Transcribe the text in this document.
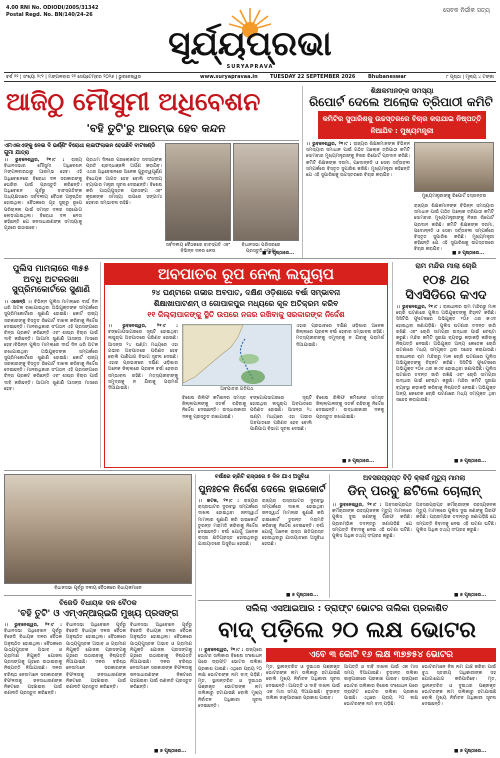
4.00 RNI No. ODIODI/2005/31342
Postal Regd. No. BN/140/24-26
ସେବକ ନିର୍ଭୀକ ସତ୍ୟ
ସୂର୍ଯ୍ୟପ୍ରଭା
SURYAPRAVA
ବର୍ଷ ୨୨ | ସଂଖ୍ୟା ୨୯୨ | ମଙ୍ଗଳବାର ୨୨ ସେପ୍ଟେମ୍ବର ୨୦୨୬ | ଭୁବନେଶ୍ୱର	www.suryapravaa.in TUESDAY 22 SEPTEMBER 2026	Bhubaneswar	୮ ପୃଷ୍ଠା | ମୂଲ୍ୟ ୪ ଟଙ୍କା
ଆଜିଠୁ ମୌସୁମୀ ଅଧିବେଶନ
'ବହି ତୁଟି'ରୁ ଆରମ୍ଭ ହେବ କନ୍ଦନ
ଏମଏଲଏଙ୍କୁ ନେଇ ଦି ଭର୍ଣ୍ଣିଂ ବିରୋଧୀ ଲାଇଫଲାଇନ ହେଉଛିବି ବାଟଖଣ୍ଡି ଗୁମା ଯାତ୍ରା
।। ଭୁବନେଶ୍ୱର, ୨୧।୯ : ରାଜ୍ୟ ବିଧାନସଭାର ମୌସୁମୀ ଅଧିବେଶନ ମଙ୍ଗଳବାରଠାରୁ ଆରମ୍ଭ ହେବ। ଏହି ଅଧିବେଶନରେ ବିରୋଧୀ ଦଳ ସରକାରଙ୍କୁ ଘେରିବା ପାଇଁ ପ୍ରସ୍ତୁତି କରିଛନ୍ତି। ଅଧିବେଶନ ପୂର୍ବରୁ ବାଚସ୍ପତିଙ୍କ ଅଧ୍ୟକ୍ଷତାରେ ସର୍ବଦଳୀୟ ବୈଠକ ଅନୁଷ୍ଠିତ ହୋଇଥିଲା। ବୈଠକରେ ଗୃହ ସୁଚାରୁ ରୂପେ ପରିଚାଳନା ପାଇଁ ସମସ୍ତ ଦଳର ସହଯୋଗ ଲୋଡ଼ାଯାଇଥିଲା। ବିରୋଧୀ ଦଳ ନେତା କହିଛନ୍ତି ଯେ ଜନସାଧାରଣଙ୍କ ସମସ୍ୟାକୁ ଗୃହରେ ଉଠାଇବେ।
ପ୍ରଥମ ଦିନରେ ପରଲୋକଗତ ସଦସ୍ୟଙ୍କ ପ୍ରତି ଶ୍ରଦ୍ଧାଞ୍ଜଳି ଅର୍ପଣ କରାଯିବ। ଏଥର ଅଧିବେଶନରେ ଅନେକ ଗୁରୁତ୍ୱପୂର୍ଣ୍ଣ ବିଧେୟକ ଆଗତ ହେବ ବୋଲି ସଂସଦୀୟ ବ୍ୟାପାର ମନ୍ତ୍ରୀ ସୂଚନା ଦେଇଛନ୍ତି। ବିଶେଷ କରି ପାଠ୍ୟପୁସ୍ତକ ପ୍ରସଙ୍ଗ ଏବଂ କୃଷକଙ୍କ ସମସ୍ୟା ଉପରେ ହଙ୍ଗାମା ହେବାର ସମ୍ଭାବନା ରହିଛି।
ସର୍ବଦଳୀୟ ବୈଠକରେ ବାଚସ୍ପତି ଏବଂ ବିଭିନ୍ନ ଦଳର ନେତା
ବିଧାନସଭା ପରିସରରେ ପ୍ରସ୍ତୁତି ସମୀକ୍ଷା
■ ୭ ପୃଷ୍ଠାରେ...
ଶିକ୍ଷକମାନଙ୍କ ସମସ୍ୟା
ରିପୋର୍ଟ ଦେଲେ ଅଲୋକ ତ୍ରିପାଠୀ କମିଟି
କମିଟିର ସୁପାରିଶକୁ ଉଚ୍ଚସ୍ତରରେ ବିଚାର କରାଯାଇ ନିଷ୍ପତ୍ତି ନିଆଯିବ : ମୁଖ୍ୟମନ୍ତ୍ରୀ
।। ଭୁବନେଶ୍ୱର, ୨୧।୯ : ରାଜ୍ୟର ଶିକ୍ଷକମାନଙ୍କ ବିଭିନ୍ନ ସମସ୍ୟାର ସମାଧାନ ପାଇଁ ଗଠିତ ଅଲୋକ ତ୍ରିପାଠୀ କମିଟି ସୋମବାର ମୁଖ୍ୟମନ୍ତ୍ରୀଙ୍କୁ ନିଜର ରିପୋର୍ଟ ପ୍ରଦାନ କରିଛି। କମିଟି ଶିକ୍ଷକଙ୍କ ଦରମା, ପଦୋନ୍ନତି ଓ ସେବା ସର୍ତ୍ତାବଳୀ ସମ୍ପର୍କରେ ବିସ୍ତୃତ ସୁପାରିଶ କରିଛି। ମୁଖ୍ୟମନ୍ତ୍ରୀ କହିଛନ୍ତି ଯେ ଏହି ସୁପାରିଶକୁ ଉଚ୍ଚସ୍ତରରେ ବିଚାର କରାଯିବ।
ମୁଖ୍ୟମନ୍ତ୍ରୀଙ୍କୁ ରିପୋର୍ଟ ହସ୍ତାନ୍ତର
ରାଜ୍ୟର ଶିକ୍ଷକମାନଙ୍କ ବିଭିନ୍ନ ସମସ୍ୟାର ସମାଧାନ ପାଇଁ ଗଠିତ ଅଲୋକ ତ୍ରିପାଠୀ କମିଟି ସୋମବାର ମୁଖ୍ୟମନ୍ତ୍ରୀଙ୍କୁ ନିଜର ରିପୋର୍ଟ ପ୍ରଦାନ କରିଛି। କମିଟି ଶିକ୍ଷକଙ୍କ ଦରମା, ପଦୋନ୍ନତି ଓ ସେବା ସର୍ତ୍ତାବଳୀ ସମ୍ପର୍କରେ ବିସ୍ତୃତ ସୁପାରିଶ କରିଛି। ମୁଖ୍ୟମନ୍ତ୍ରୀ କହିଛନ୍ତି ଯେ ଏହି ସୁପାରିଶକୁ ଉଚ୍ଚସ୍ତରରେ ବିଚାର କରାଯିବ।
■ ୭ ପୃଷ୍ଠାରେ...
ପୁଲିସ ମାମଲାରେ ୩୫୫ ଅବଧି ଅଟକରଖା ସୁପ୍ରିମକୋର୍ଟରେ ସୁଣାଣି
।। ଏଜେନ୍ସି ।। ବିଭିନ୍ନ ପୁଲିସ ମାମଲାରେ ଦୀର୍ଘ ଦିନ ଧରି ଅଟକ ରଖାଯାଇଥିବା ଅଭିଯୁକ୍ତଙ୍କ ସମ୍ପର୍କରେ ସୁପ୍ରିମକୋର୍ଟରେ ଶୁଣାଣି ହୋଇଛି। କୋର୍ଟ ରାଜ୍ୟ ସରକାରଙ୍କୁ ବିସ୍ତୃତ ରିପୋର୍ଟ ଦାଖଲ କରିବାକୁ ନିର୍ଦ୍ଦେଶ ଦେଇଛନ୍ତି। ମାନବାଧିକାର ସଂଗଠନ ଏହି ପ୍ରସଙ୍ଗରେ ଚିନ୍ତା ପ୍ରକଟ କରିଛନ୍ତି ଏବଂ ଶୀଘ୍ର ବିଚାର ପାଇଁ ଦାବି କରିଛନ୍ତି। ଆଗାମୀ ଶୁଣାଣି ଆସନ୍ତା ମାସରେ ହେବ।ବିଭିନ୍ନ ପୁଲିସ ମାମଲାରେ ଦୀର୍ଘ ଦିନ ଧରି ଅଟକ ରଖାଯାଇଥିବା ଅଭିଯୁକ୍ତଙ୍କ ସମ୍ପର୍କରେ ସୁପ୍ରିମକୋର୍ଟରେ ଶୁଣାଣି ହୋଇଛି। କୋର୍ଟ ରାଜ୍ୟ ସରକାରଙ୍କୁ ବିସ୍ତୃତ ରିପୋର୍ଟ ଦାଖଲ କରିବାକୁ ନିର୍ଦ୍ଦେଶ ଦେଇଛନ୍ତି। ମାନବାଧିକାର ସଂଗଠନ ଏହି ପ୍ରସଙ୍ଗରେ ଚିନ୍ତା ପ୍ରକଟ କରିଛନ୍ତି ଏବଂ ଶୀଘ୍ର ବିଚାର ପାଇଁ ଦାବି କରିଛନ୍ତି। ଆଗାମୀ ଶୁଣାଣି ଆସନ୍ତା ମାସରେ ହେବ।
ଅବପାତର ରୂପ ନେଲା ଲଘୁଚାପ
୨୪ ଘଣ୍ଟାରେ ଗଭୀର ଅବପାତ, ଦକ୍ଷିଣ ଓଡ଼ିଶାରେ ବର୍ଷା ସମ୍ଭାବନା
ଶିକ୍ଷାଖାପାଟଣମ୍ ଓ ଗୋପାଳପୁର ମଧ୍ୟରେ କୂଳ ଅତିକ୍ରମ କରିବ
୧୧ ଜିଲ୍ଲାପାଳଙ୍କୁ ସ୍ଥିତି ଉପରେ ନଜର ରଖିବାକୁ ସରକାରଙ୍କ ନିର୍ଦ୍ଦେଶ
।। ଭୁବନେଶ୍ୱର, ୨୧।୯ : ବଙ୍ଗୋପସାଗରରେ ସୃଷ୍ଟି ହୋଇଥିବା ଲଘୁଚାପ ଅବପାତରେ ପରିଣତ ହୋଇଛି। ଆସନ୍ତା ୨୪ ଘଣ୍ଟା ମଧ୍ୟରେ ଏହା ଗଭୀର ଅବପାତରେ ପରିଣତ ହେବ ବୋଲି ପାଣିପାଗ ବିଭାଗ ସୂଚନା ଦେଇଛି। ଏହାର ପ୍ରଭାବରେ ଦକ୍ଷିଣ ଓଡ଼ିଶାର ଅନେକ ଜିଲ୍ଲାରେ ପ୍ରବଳ ବର୍ଷା ହେବାର ସମ୍ଭାବନା ରହିଛି। ମତ୍ସ୍ୟଜୀବୀଙ୍କୁ ସମୁଦ୍ରକୁ ନ ଯିବାକୁ ପରାମର୍ଶ ଦିଆଯାଇଛି।	ଅବପାତର ଗତିପଥ
ଏହାର ପ୍ରଭାବରେ ଦକ୍ଷିଣ ଓଡ଼ିଶାର ଅନେକ ଜିଲ୍ଲାରେ ପ୍ରବଳ ବର୍ଷା ହେବାର ସମ୍ଭାବନା ରହିଛି। ମତ୍ସ୍ୟଜୀବୀଙ୍କୁ ସମୁଦ୍ରକୁ ନ ଯିବାକୁ ପରାମର୍ଶ ଦିଆଯାଇଛି।
ବିଶେଷ ରିଲିଫ କମିଶନର ସମସ୍ତ ଜିଲ୍ଲାପାଳଙ୍କୁ ସତର୍କ ରହିବାକୁ ନିର୍ଦ୍ଦେଶ ଦେଇଛନ୍ତି। ଉଦ୍ଧାରକାରୀ ଦଳକୁ ପ୍ରସ୍ତୁତ ରଖାଯାଇଛି।
ବଙ୍ଗୋପସାଗରରେ ସୃଷ୍ଟି ହୋଇଥିବା ଲଘୁଚାପ ଅବପାତରେ ପରିଣତ ହୋଇଛି। ଆସନ୍ତା ୨୪ ଘଣ୍ଟା ମଧ୍ୟରେ ଏହା ଗଭୀର ଅବପାତରେ ପରିଣତ ହେବ ବୋଲି ପାଣିପାଗ ବିଭାଗ ସୂଚନା ଦେଇଛି।
ବିଶେଷ ରିଲିଫ କମିଶନର ସମସ୍ତ ଜିଲ୍ଲାପାଳଙ୍କୁ ସତର୍କ ରହିବାକୁ ନିର୍ଦ୍ଦେଶ ଦେଇଛନ୍ତି। ଉଦ୍ଧାରକାରୀ ଦଳକୁ ପ୍ରସ୍ତୁତ ରଖାଯାଇଛି।
■ ୭ ପୃଷ୍ଠାରେ...
ରାମ ମନ୍ଦିର ମାଲା ଚୋରି
୧୦୫ ଥର ସିଏସିଡିରେ କଏଦ
।। ଭୁବନେଶ୍ୱର, ୨୧।୯ : ରାଜଧାନୀର ରାମ ମନ୍ଦିରରୁ ମାଳ ଚୋରି ଘଟଣାରେ ପୁଲିସ ଅଭିଯୁକ୍ତଙ୍କୁ ଚିହ୍ନଟ କରିଛି। ସିସିଟିଭି ଫୁଟେଜରେ ଅଭିଯୁକ୍ତ ୧୦୫ ଥର କଏଦ ହୋଇଥିବା ଜଣାପଡ଼ିଛି। ପୁଲିସ ଘଟଣାର ତଦନ୍ତ ଜାରି ରଖିଛି ଏବଂ ଚୋରି ସାମଗ୍ରୀ ଉଦ୍ଧାର ପାଇଁ ଚେଷ୍ଟା କରୁଛି। ମନ୍ଦିର କମିଟି ସୁରକ୍ଷା ବ୍ୟବସ୍ଥା କଡ଼ାକଡ଼ି କରିବାକୁ ନିଷ୍ପତ୍ତି ନେଇଛି। ଅଭିଯୁକ୍ତ ଅନ୍ୟ କେତେକ ଚୋରି ଘଟଣାରେ ମଧ୍ୟ ସମ୍ପୃକ୍ତ ଥିବା ସନ୍ଦେହ କରାଯାଉଛି। ରାଜଧାନୀର ରାମ ମନ୍ଦିରରୁ ମାଳ ଚୋରି ଘଟଣାରେ ପୁଲିସ ଅଭିଯୁକ୍ତଙ୍କୁ ଚିହ୍ନଟ କରିଛି। ସିସିଟିଭି ଫୁଟେଜରେ ଅଭିଯୁକ୍ତ ୧୦୫ ଥର କଏଦ ହୋଇଥିବା ଜଣାପଡ଼ିଛି। ପୁଲିସ ଘଟଣାର ତଦନ୍ତ ଜାରି ରଖିଛି ଏବଂ ଚୋରି ସାମଗ୍ରୀ ଉଦ୍ଧାର ପାଇଁ ଚେଷ୍ଟା କରୁଛି। ମନ୍ଦିର କମିଟି ସୁରକ୍ଷା ବ୍ୟବସ୍ଥା କଡ଼ାକଡ଼ି କରିବାକୁ ନିଷ୍ପତ୍ତି ନେଇଛି। ଅଭିଯୁକ୍ତ ଅନ୍ୟ କେତେକ ଚୋରି ଘଟଣାରେ ମଧ୍ୟ ସମ୍ପୃକ୍ତ ଥିବା ସନ୍ଦେହ କରାଯାଉଛି।
■ ୭ ପୃଷ୍ଠାରେ...
ବିଧାନସଭା ପୂର୍ବରୁ ଦଳୀୟ ବୈଠକରେ ବିଧାୟକମାନେ
ବିଜେଡି ବିଧାୟକ ଦଳ ବୈଠକ
'ବହି ତୁଟି' ଓ ଏମ୍‌ଏନ୍‌ଆର୍‌ଇଜି ମୁଖ୍ୟ ପ୍ରସଙ୍ଗ
।। ଭୁବନେଶ୍ୱର, ୨୧।୯ : ବିଧାନସଭା ଅଧିବେଶନ ପୂର୍ବରୁ ବିଜେଡି ବିଧାୟକ ଦଳର ବୈଠକ ଅନୁଷ୍ଠିତ ହୋଇଥିଲା। ବୈଠକରେ ପାଠ୍ୟପୁସ୍ତକ ଅଭାବ ଓ ଗ୍ରାମୀଣ ନିଯୁକ୍ତି ଯୋଜନା ପ୍ରସଙ୍ଗକୁ ଗୃହରେ ଉଠାଇବାକୁ ନିଷ୍ପତ୍ତି ନିଆଯାଇଛି। ଦଳର ବରିଷ୍ଠ ନେତାମାନେ ସରକାରଙ୍କ ବିଫଳତାକୁ ଜନସାଧାରଣଙ୍କ ନିକଟରେ ପହଞ୍ଚାଇବା ପାଇଁ ରଣନୀତି ପ୍ରସ୍ତୁତ କରିଛନ୍ତି।
ବିଧାନସଭା ଅଧିବେଶନ ପୂର୍ବରୁ ବିଜେଡି ବିଧାୟକ ଦଳର ବୈଠକ ଅନୁଷ୍ଠିତ ହୋଇଥିଲା। ବୈଠକରେ ପାଠ୍ୟପୁସ୍ତକ ଅଭାବ ଓ ଗ୍ରାମୀଣ ନିଯୁକ୍ତି ଯୋଜନା ପ୍ରସଙ୍ଗକୁ ଗୃହରେ ଉଠାଇବାକୁ ନିଷ୍ପତ୍ତି ନିଆଯାଇଛି। ଦଳର ବରିଷ୍ଠ ନେତାମାନେ ସରକାରଙ୍କ ବିଫଳତାକୁ ଜନସାଧାରଣଙ୍କ ନିକଟରେ ପହଞ୍ଚାଇବା ପାଇଁ ରଣନୀତି ପ୍ରସ୍ତୁତ କରିଛନ୍ତି।
ବିଧାନସଭା ଅଧିବେଶନ ପୂର୍ବରୁ ବିଜେଡି ବିଧାୟକ ଦଳର ବୈଠକ ଅନୁଷ୍ଠିତ ହୋଇଥିଲା। ବୈଠକରେ ପାଠ୍ୟପୁସ୍ତକ ଅଭାବ ଓ ଗ୍ରାମୀଣ ନିଯୁକ୍ତି ଯୋଜନା ପ୍ରସଙ୍ଗକୁ ଗୃହରେ ଉଠାଇବାକୁ ନିଷ୍ପତ୍ତି ନିଆଯାଇଛି। ଦଳର ବରିଷ୍ଠ ନେତାମାନେ ସରକାରଙ୍କ ବିଫଳତାକୁ ଜନସାଧାରଣଙ୍କ ନିକଟରେ ପହଞ୍ଚାଇବା ପାଇଁ ରଣନୀତି ପ୍ରସ୍ତୁତ କରିଛନ୍ତି।
■ ୭ ପୃଷ୍ଠାରେ...
ବର୍ଷାରେ ଚାରିଟି ରାସ୍ତାରେ ୫ ଦିନ ଯାଏ ଅସୁବିଧା
ପୁନଃଚଳ ନିର୍ଦ୍ଦେଶ ଦେଲେ ହାଇକୋର୍ଟ
।। କଟକ, ୨୧।୯ : ରାଜ୍ୟର ରାସ୍ତାଘାଟର ଦୁରବସ୍ଥା ସମ୍ପର୍କରେ ଦାଖଲ ହୋଇଥିବା ଜନସ୍ୱାର୍ଥ ମାମଲାର ଶୁଣାଣି କରି ହାଇକୋର୍ଟ ତୁରନ୍ତ ମରାମତି କରିବାକୁ ନିର୍ଦ୍ଦେଶ ଦେଇଛନ୍ତି। ବର୍ଷା ଯୋଗୁଁ ଅନେକ ରାସ୍ତା କ୍ଷତିଗ୍ରସ୍ତ ହୋଇଥିବାରୁ ଯାତାୟାତରେ ଅସୁବିଧା ହେଉଛି।
ରାଜ୍ୟର ରାସ୍ତାଘାଟର ଦୁରବସ୍ଥା ସମ୍ପର୍କରେ ଦାଖଲ ହୋଇଥିବା ଜନସ୍ୱାର୍ଥ ମାମଲାର ଶୁଣାଣି କରି ହାଇକୋର୍ଟ ତୁରନ୍ତ ମରାମତି କରିବାକୁ ନିର୍ଦ୍ଦେଶ ଦେଇଛନ୍ତି। ବର୍ଷା ଯୋଗୁଁ ଅନେକ ରାସ୍ତା କ୍ଷତିଗ୍ରସ୍ତ ହୋଇଥିବାରୁ ଯାତାୟାତରେ ଅସୁବିଧା ହେଉଛି।
■ ୭ ପୃଷ୍ଠାରେ...
ଅବସରପ୍ରାପ୍ତ ବିଡ଼ି କ୍ଲାର୍କ ମୃତ୍ୟୁ ମାମଲା
ଡିନ୍ ପରବୁ ଛଟିଲେ ଚୋଲାନ୍
।। ଭୁବନେଶ୍ୱର, ୨୧।୯ : ଅବସରପ୍ରାପ୍ତ କର୍ମଚାରୀଙ୍କ ରହସ୍ୟଜନକ ମୃତ୍ୟୁ ମାମଲାରେ ପୁଲିସ ଦୁଇ ଜଣଙ୍କୁ ଗିରଫ କରିଛି। ପ୍ରାରମ୍ଭିକ ତଦନ୍ତରୁ ଜଣାପଡ଼ିଛି ଯେ ସମ୍ପତ୍ତି ବିବାଦକୁ ନେଇ ଏହି ଘଟଣା ଘଟିଛି। ପୁଲିସ ଅଧିକ ତଥ୍ୟ ସଂଗ୍ରହ କରୁଛି।
ଅବସରପ୍ରାପ୍ତ କର୍ମଚାରୀଙ୍କ ରହସ୍ୟଜନକ ମୃତ୍ୟୁ ମାମଲାରେ ପୁଲିସ ଦୁଇ ଜଣଙ୍କୁ ଗିରଫ କରିଛି। ପ୍ରାରମ୍ଭିକ ତଦନ୍ତରୁ ଜଣାପଡ଼ିଛି ଯେ ସମ୍ପତ୍ତି ବିବାଦକୁ ନେଇ ଏହି ଘଟଣା ଘଟିଛି। ପୁଲିସ ଅଧିକ ତଥ୍ୟ ସଂଗ୍ରହ କରୁଛି।
■ ୭ ପୃଷ୍ଠାରେ...
ସଲିଲା ଏସଆଇଆର : ଡ୍ରାଫ୍ଟ ଭୋଟର ତାଲିକା ପ୍ରକାଶିତ
ବାଦ୍ ପଡ଼ିଲେ ୨୦ ଲକ୍ଷ ଭୋଟର
।। ଭୁବନେଶ୍ୱର, ୨୧।୯ : ରାଜ୍ୟରେ ଭୋଟର ତାଲିକାର ବିଶେଷ ସଂଶୋଧନ ପରେ ଡ୍ରାଫ୍ଟ ଭୋଟର ତାଲିକା ପ୍ରକାଶ ପାଇଛି। ଏଥିରେ ପ୍ରାୟ ୨୦ ଲକ୍ଷ ଭୋଟରଙ୍କ ନାମ ବାଦ୍ ପଡ଼ିଛି। ମୃତ, ସ୍ଥାନାନ୍ତରିତ ଓ ଦୁଇଥର ପଞ୍ଜୀକୃତ ଭୋଟରଙ୍କ ନାମ ତାଲିକାରୁ ହଟାଯାଇଛି ବୋଲି ମୁଖ୍ୟ ନିର୍ବାଚନ ଅଧିକାରୀ ସୂଚନା ଦେଇଛନ୍ତି।
ଏବେ ୩ କୋଟି ୧୬ ଲକ୍ଷ ୩୭୭୫୪ ଭୋଟର
ମୃତ, ସ୍ଥାନାନ୍ତରିତ ଓ ଦୁଇଥର ପଞ୍ଜୀକୃତ ଭୋଟରଙ୍କ ନାମ ତାଲିକାରୁ ହଟାଯାଇଛି ବୋଲି ମୁଖ୍ୟ ନିର୍ବାଚନ ଅଧିକାରୀ ସୂଚନା ଦେଇଛନ୍ତି। ଆପତ୍ତି ଓ ଦାବି ଦାଖଲ ପାଇଁ ଏକ ମାସ ସମୟ ଦିଆଯାଇଛି। ଚୂଡ଼ାନ୍ତ ତାଲିକା ଜାନୁଆରୀରେ ପ୍ରକାଶ ପାଇବ।
ଆପତ୍ତି ଓ ଦାବି ଦାଖଲ ପାଇଁ ଏକ ମାସ ସମୟ ଦିଆଯାଇଛି। ଚୂଡ଼ାନ୍ତ ତାଲିକା ଜାନୁଆରୀରେ ପ୍ରକାଶ ପାଇବ। ରାଜ୍ୟରେ ଭୋଟର ତାଲିକାର ବିଶେଷ ସଂଶୋଧନ ପରେ ଡ୍ରାଫ୍ଟ ଭୋଟର ତାଲିକା ପ୍ରକାଶ ପାଇଛି। ଏଥିରେ ପ୍ରାୟ ୨୦ ଲକ୍ଷ ଭୋଟରଙ୍କ ନାମ ବାଦ୍ ପଡ଼ିଛି।
ଭୋଟରମାନେ ନିଜ ନାମ ଯାଞ୍ଚ କରିବା ପାଇଁ ବୁଥ ସ୍ତରୀୟ ଅଧିକାରୀଙ୍କ ସହ ଯୋଗାଯୋଗ କରିପାରିବେ। ମୃତ, ସ୍ଥାନାନ୍ତରିତ ଓ ଦୁଇଥର ପଞ୍ଜୀକୃତ ଭୋଟରଙ୍କ ନାମ ତାଲିକାରୁ ହଟାଯାଇଛି ବୋଲି ମୁଖ୍ୟ ନିର୍ବାଚନ ଅଧିକାରୀ ସୂଚନା ଦେଇଛନ୍ତି।
■ ୭ ପୃଷ୍ଠାରେ...
